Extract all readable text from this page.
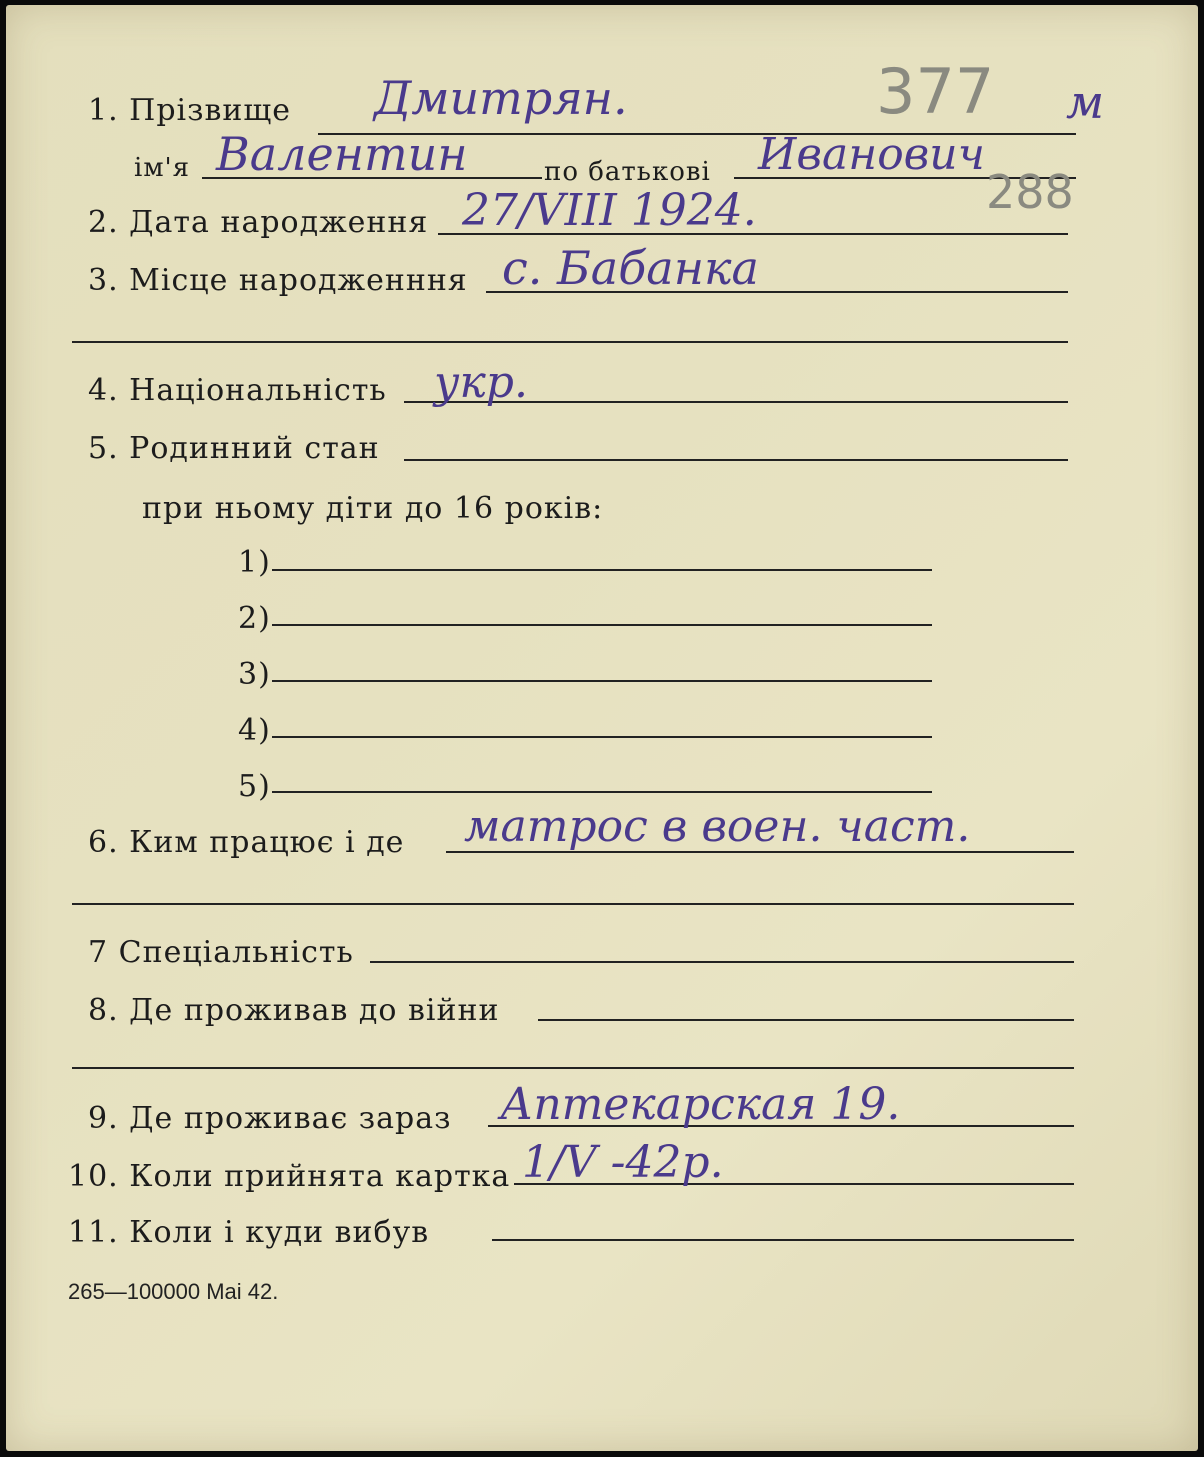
1. Прізвище Дмитрян.	377 м
ім'я Валентин	по батькові Иванович
288
2. Дата народження 27/VIII 1924.
3. Місце народженння с. Бабанка
4. Національність укр.
5. Родинний стан
при ньому діти до 16 років:
1)
2)
3)
4)
5)
6. Ким працює і де матрос в воен. част.
7 Спеціальність
8. Де проживав до війни
9. Де проживає зараз Аптекарская 19.
10. Коли прийнята картка 1/V -42р.
11. Коли і куди вибув
265—100000 Mai 42.
